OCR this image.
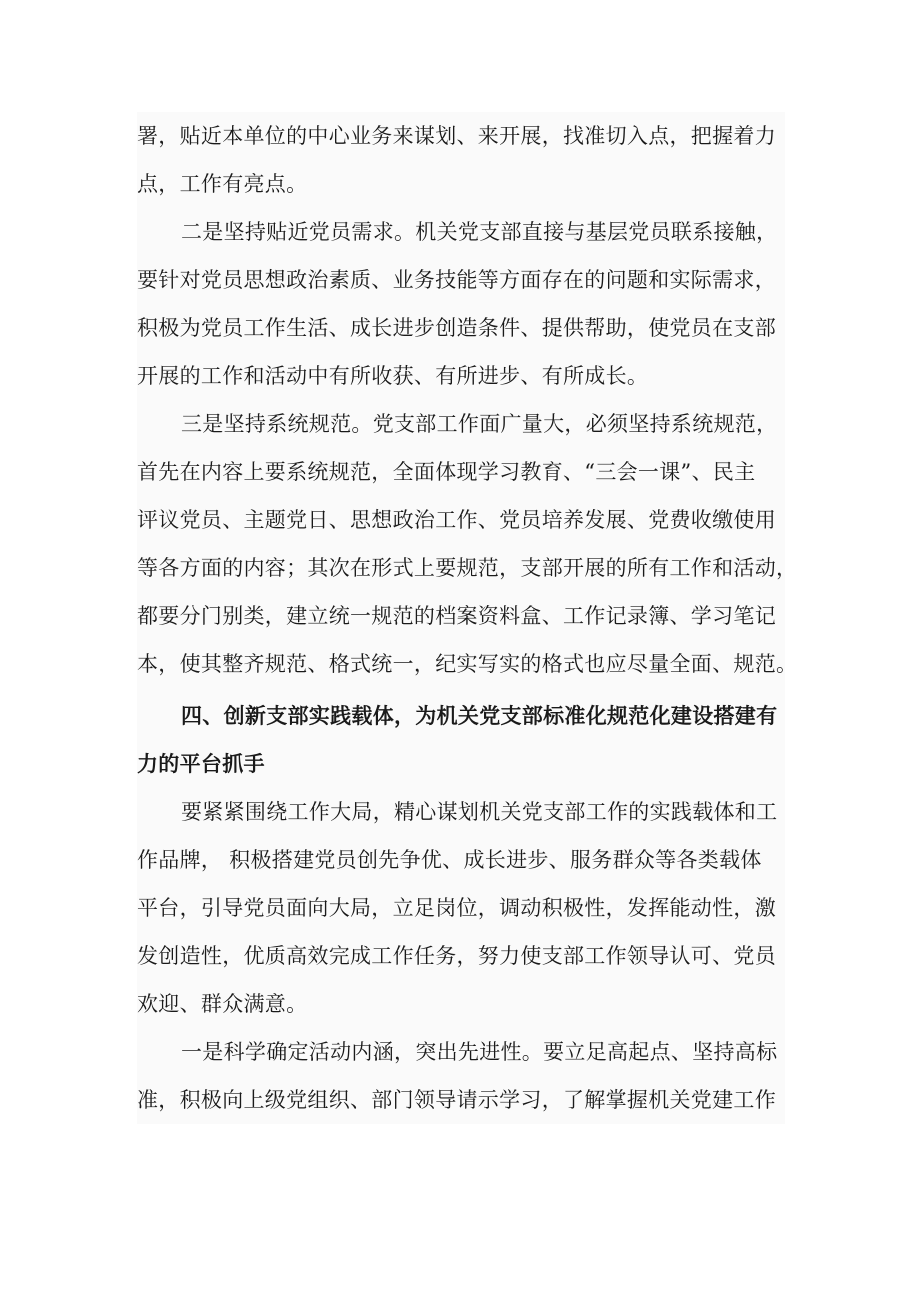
署，贴近本单位的中心业务来谋划、来开展，找准切入点，把握着力
点，工作有亮点。
二是坚持贴近党员需求。机关党支部直接与基层党员联系接触，
要针对党员思想政治素质、业务技能等方面存在的问题和实际需求，
积极为党员工作生活、成长进步创造条件、提供帮助，使党员在支部
开展的工作和活动中有所收获、有所进步、有所成长。
三是坚持系统规范。党支部工作面广量大，必须坚持系统规范，
首先在内容上要系统规范，全面体现学习教育、“三会一课”、民主
评议党员、主题党日、思想政治工作、党员培养发展、党费收缴使用
等各方面的内容；其次在形式上要规范，支部开展的所有工作和活动，
都要分门别类，建立统一规范的档案资料盒、工作记录簿、学习笔记
本，使其整齐规范、格式统一，纪实写实的格式也应尽量全面、规范。
四、创新支部实践载体，为机关党支部标准化规范化建设搭建有
力的平台抓手
要紧紧围绕工作大局，精心谋划机关党支部工作的实践载体和工
作品牌， 积极搭建党员创先争优、成长进步、服务群众等各类载体
平台，引导党员面向大局，立足岗位，调动积极性，发挥能动性，激
发创造性，优质高效完成工作任务，努力使支部工作领导认可、党员
欢迎、群众满意。
一是科学确定活动内涵，突出先进性。要立足高起点、坚持高标
准，积极向上级党组织、部门领导请示学习，了解掌握机关党建工作
